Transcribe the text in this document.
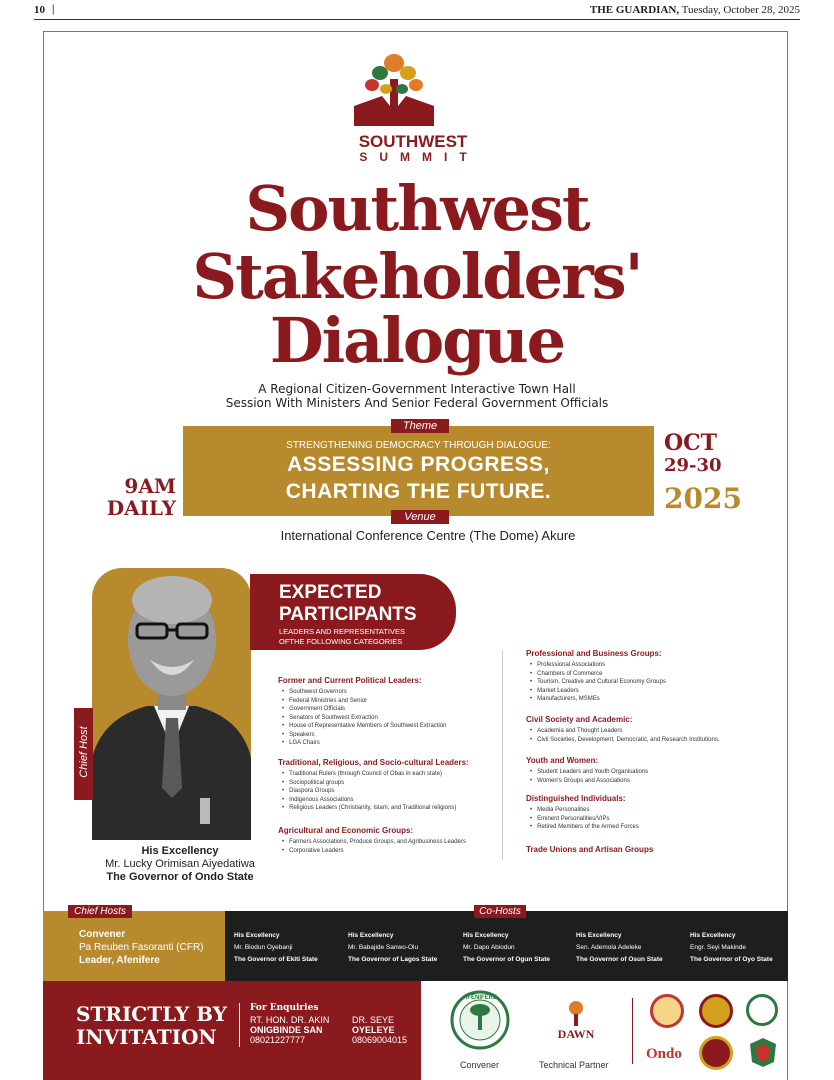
10 |	THE GUARDIAN, Tuesday, October 28, 2025
SOUTHWEST
SUMMIT
Southwest
Stakeholders'
Dialogue
A Regional Citizen-Government Interactive Town Hall
Session With Ministers And Senior Federal Government Officials
Theme
STRENGTHENING DEMOCRACY THROUGH DIALOGUE:
ASSESSING PROGRESS,
CHARTING THE FUTURE.
9AM
DAILY
OCT
29-30
2025
Venue
International Conference Centre (The Dome) Akure
Chief Host
His Excellency
Mr. Lucky Orimisan Aiyedatiwa
The Governor of Ondo State
EXPECTED
PARTICIPANTS
LEADERS AND REPRESENTATIVES
OFTHE FOLLOWING CATEGORIES
Former and Current Political Leaders:
• Southwest Governors
• Federal Ministries and Senior
• Government Officials
• Senators of Southwest Extraction
• House of Representative Members of Southwest Extraction
• Speakers
• LGA Chairs
Traditional, Religious, and Socio-cultural Leaders:
• Traditional Rulers (through Council of Obas in each state)
• Sociopolitical groups
• Diaspora Groups
• Indigenous Associations
• Religious Leaders (Christianity, Islam, and Traditional religions)
Agricultural and Economic Groups:
• Farmers Associations, Produce Groups, and Agribusiness Leaders
• Corporative Leaders
Professional and Business Groups:
• Professional Associations
• Chambers of Commerce
• Tourism, Creative and Cultural Economy Groups
• Market Leaders
• Manufacturers, MSMEs
Civil Society and Academic:
• Academia and Thought Leaders
• Civil Societies, Development, Democratic, and Research Institutions.
Youth and Women:
• Student Leaders and Youth Organisations
• Women's Groups and Associations
Distinguished Individuals:
• Media Personalities
• Eminent Personalities/VIPs
• Retired Members of the Armed Forces
Trade Unions and Artisan Groups
Chief Hosts	Co-Hosts
Convener
Pa Reuben Fasoranti (CFR)
Leader, Afenifere
His Excellency
Mr. Biodun Oyebanji
The Governor of Ekiti State
His Excellency
Mr. Babajide Sanwo-Olu
The Governor of Lagos State
His Excellency
Mr. Dapo Abiodun
The Governor of Ogun State
His Excellency
Sen. Ademola Adeleke
The Governor of Osun State
His Excellency
Engr. Seyi Makinde
The Governor of Oyo State
STRICTLY BY
INVITATION
For Enquiries
RT. HON. DR. AKIN
ONIGBINDE SAN
08021227777
DR. SEYE
OYELEYE
08069004015
AFENIFERE
Convener
DAWN
Technical Partner
Ondo
